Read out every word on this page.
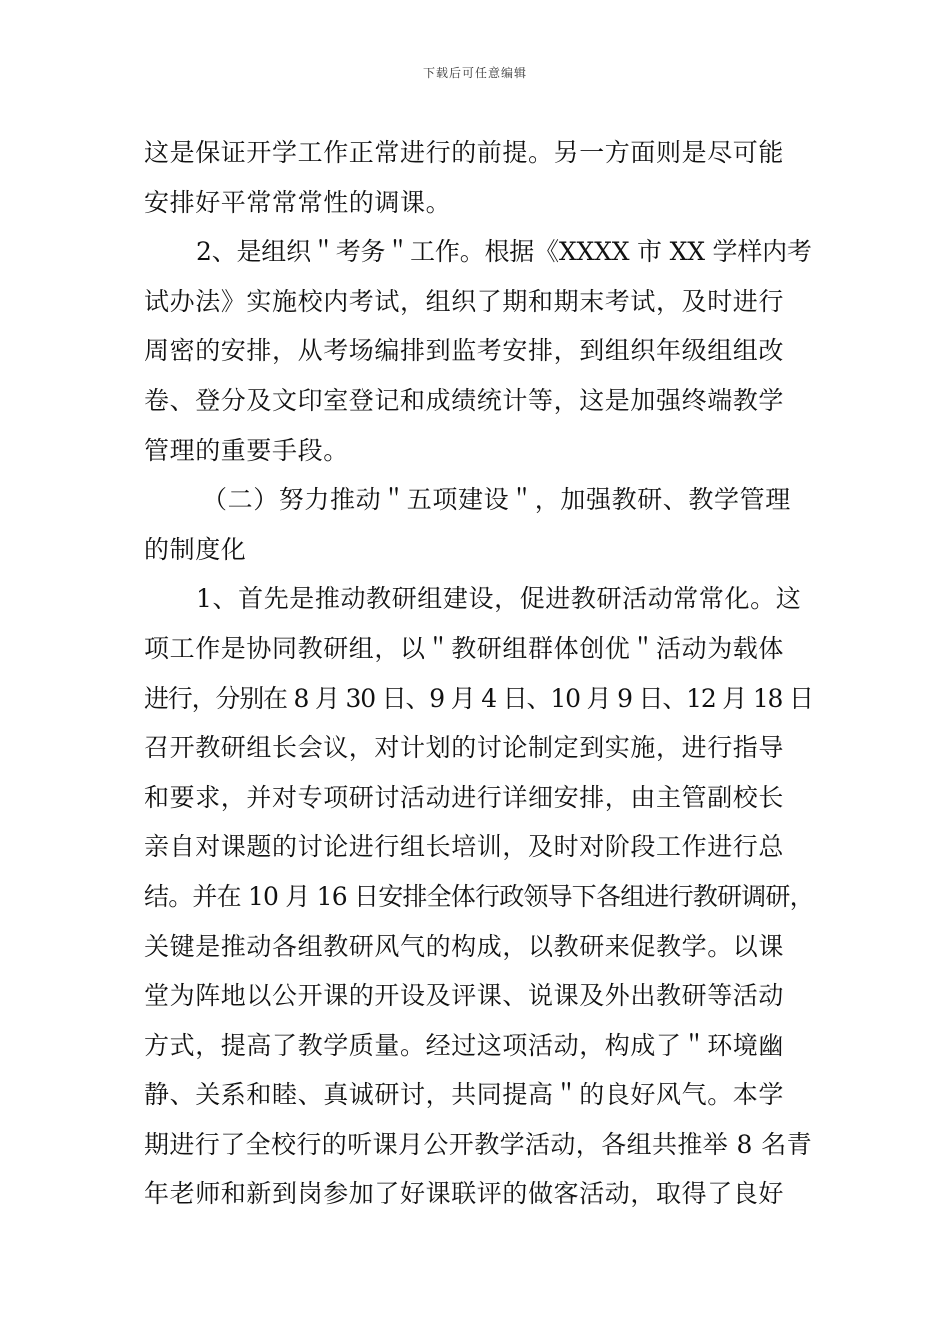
下载后可任意编辑
这是保证开学工作正常进行的前提。另一方面则是尽可能
安排好平常常常性的调课。
2、是组织＂考务＂工作。根据《XXXX 市 XX 学样内考
试办法》实施校内考试，组织了期和期末考试，及时进行
周密的安排，从考场编排到监考安排，到组织年级组组改
卷、登分及文印室登记和成绩统计等，这是加强终端教学
管理的重要手段。
（二）努力推动＂五项建设＂，加强教研、教学管理
的制度化
1、首先是推动教研组建设，促进教研活动常常化。这
项工作是协同教研组，以＂教研组群体创优＂活动为载体
进行，分别在 8 月 30 日、9 月 4 日、10 月 9 日、12 月 18 日
召开教研组长会议，对计划的讨论制定到实施，进行指导
和要求，并对专项研讨活动进行详细安排，由主管副校长
亲自对课题的讨论进行组长培训，及时对阶段工作进行总
结。并在 10 月 16 日安排全体行政领导下各组进行教研调研，
关键是推动各组教研风气的构成，以教研来促教学。以课
堂为阵地以公开课的开设及评课、说课及外出教研等活动
方式，提高了教学质量。经过这项活动，构成了＂环境幽
静、关系和睦、真诚研讨，共同提高＂的良好风气。本学
期进行了全校行的听课月公开教学活动，各组共推举 8 名青
年老师和新到岗参加了好课联评的做客活动，取得了良好
